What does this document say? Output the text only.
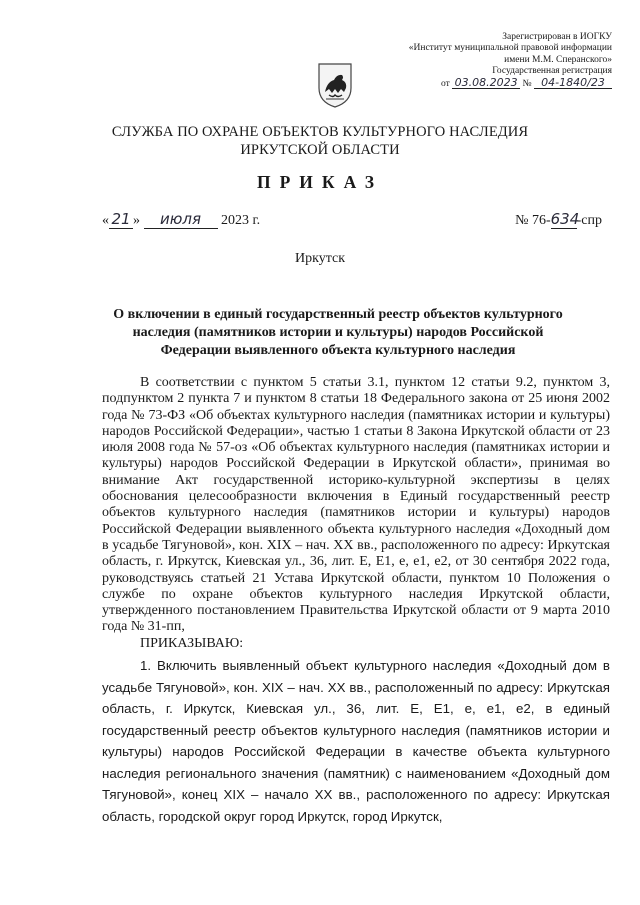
Зарегистрирован в ИОГКУ
«Институт муниципальной правовой информации
имени М.М. Сперанского»
Государственная регистрация
от 03.08.2023 № 04-1840/23
СЛУЖБА ПО ОХРАНЕ ОБЪЕКТОВ КУЛЬТУРНОГО НАСЛЕДИЯ
ИРКУТСКОЙ ОБЛАСТИ
ПРИКАЗ
« 21 » июля 2023 г.	№ 76-634-спр
Иркутск
О включении в единый государственный реестр объектов культурного
наследия (памятников истории и культуры) народов Российской
Федерации выявленного объекта культурного наследия

В соответствии с пунктом 5 статьи 3.1, пунктом 12 статьи 9.2, пунктом 3, подпунктом 2 пункта 7 и пунктом 8 статьи 18 Федерального закона от 25 июня 2002 года № 73-ФЗ «Об объектах культурного наследия (памятниках истории и культуры) народов Российской Федерации», частью 1 статьи 8 Закона Иркутской области от 23 июля 2008 года № 57-оз «Об объектах культурного наследия (памятниках истории и культуры) народов Российской Федерации в Иркутской области», принимая во внимание Акт государственной историко-культурной экспертизы в целях обоснования целесообразности включения в Единый государственный реестр объектов культурного наследия (памятников истории и культуры) народов Российской Федерации выявленного объекта культурного наследия «Доходный дом в усадьбе Тягуновой», кон. XIX – нач. XX вв., расположенного по адресу: Иркутская область, г. Иркутск, Киевская ул., 36, лит. Е, Е1, е, е1, е2, от 30 сентября 2022 года, руководствуясь статьей 21 Устава Иркутской области, пунктом 10 Положения о службе по охране объектов культурного наследия Иркутской области, утвержденного постановлением Правительства Иркутской области от 9 марта 2010 года № 31-пп,

ПРИКАЗЫВАЮ:

1. Включить выявленный объект культурного наследия «Доходный дом в усадьбе Тягуновой», кон. XIX – нач. XX вв., расположенный по адресу: Иркутская область, г. Иркутск, Киевская ул., 36, лит. Е, Е1, е, е1, е2, в единый государственный реестр объектов культурного наследия (памятников истории и культуры) народов Российской Федерации в качестве объекта культурного наследия регионального значения (памятник) с наименованием «Доходный дом Тягуновой», конец XIX – начало XX вв., расположенного по адресу: Иркутская область, городской округ город Иркутск, город Иркутск,
